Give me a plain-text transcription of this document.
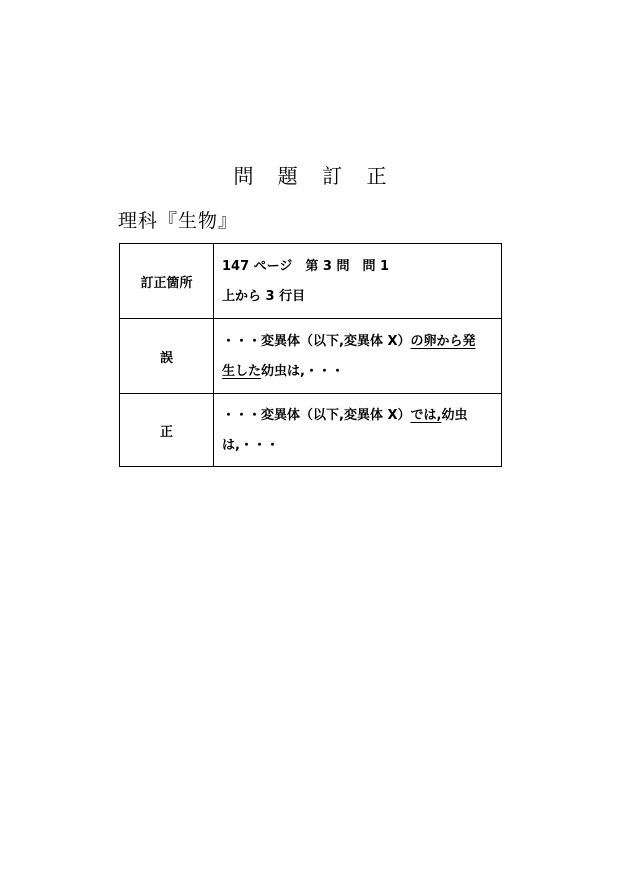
問 題 訂 正
理科『生物』
訂正箇所	147 ページ　第 3 問　問 1
上から 3 行目

誤	・・・変異体（以下,変異体 X）の卵から発
生した幼虫は,・・・

正	・・・変異体（以下,変異体 X）では,幼虫
は,・・・
